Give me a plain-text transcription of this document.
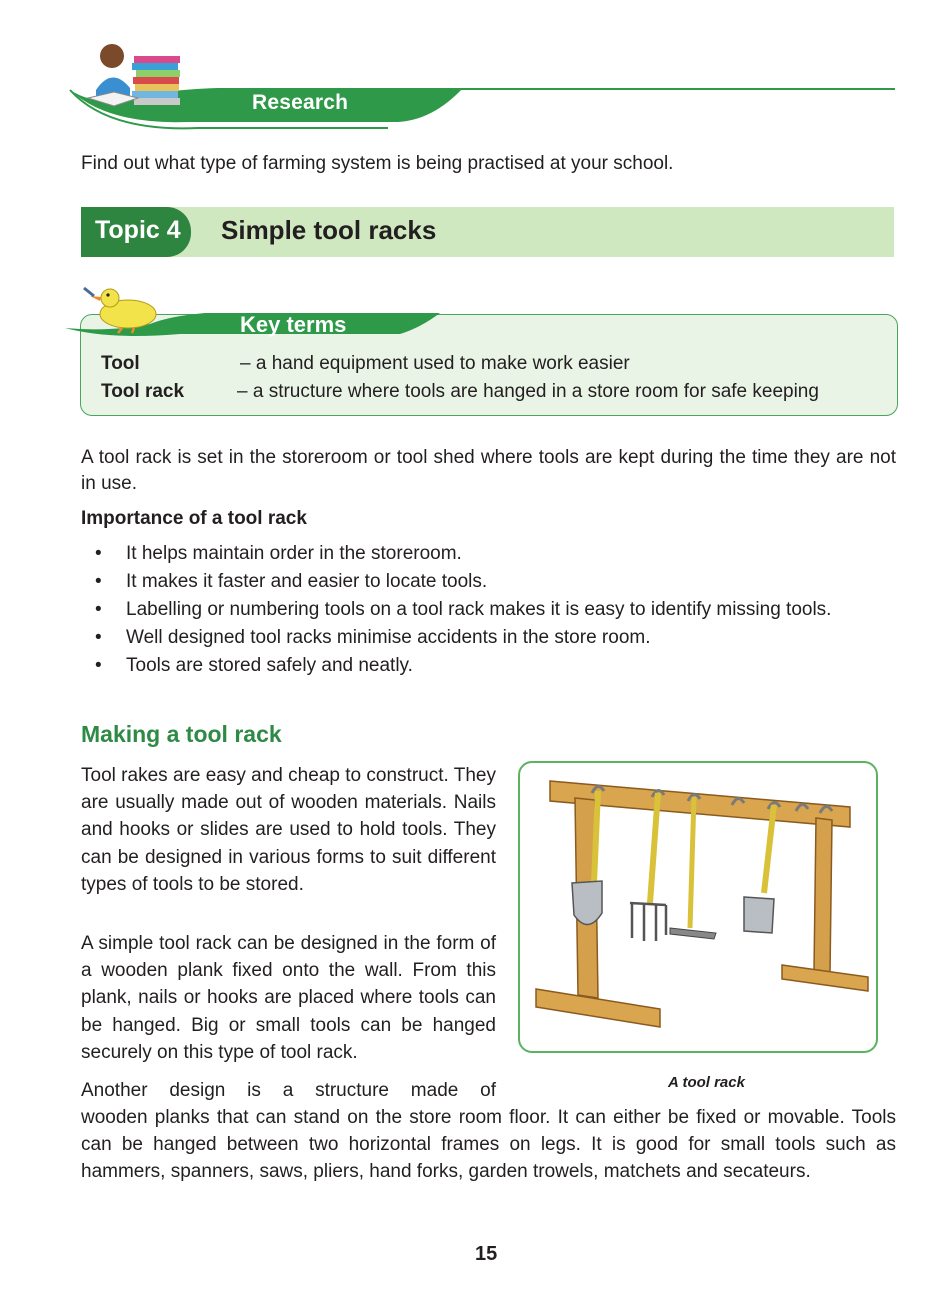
Research
Find out what type of farming system is being practised at your school.
Topic 4 Simple tool racks
Key terms
Tool	– a hand equipment used to make work easier
Tool rack	– a structure where tools are hanged in a store room for safe keeping
A tool rack is set in the storeroom or tool shed where tools are kept during the time they are not in use.
Importance of a tool rack
• It helps maintain order in the storeroom.
• It makes it faster and easier to locate tools.
• Labelling or numbering tools on a tool rack makes it is easy to identify missing tools.
• Well designed tool racks minimise accidents in the store room.
• Tools are stored safely and neatly.
Making a tool rack
Tool rakes are easy and cheap to construct. They are usually made out of wooden materials. Nails and hooks or slides are used to hold tools. They can be designed in various forms to suit different types of tools to be stored.
A simple tool rack can be designed in the form of a wooden plank fixed onto the wall. From this plank, nails or hooks are placed where tools can be hanged. Big or small tools can be hanged securely on this type of tool rack.
Another design is a structure made of
wooden planks that can stand on the store room floor. It can either be fixed or movable. Tools can be hanged between two horizontal frames on legs. It is good for small tools such as hammers, spanners, saws, pliers, hand forks, garden trowels, matchets and secateurs.
A tool rack
15
